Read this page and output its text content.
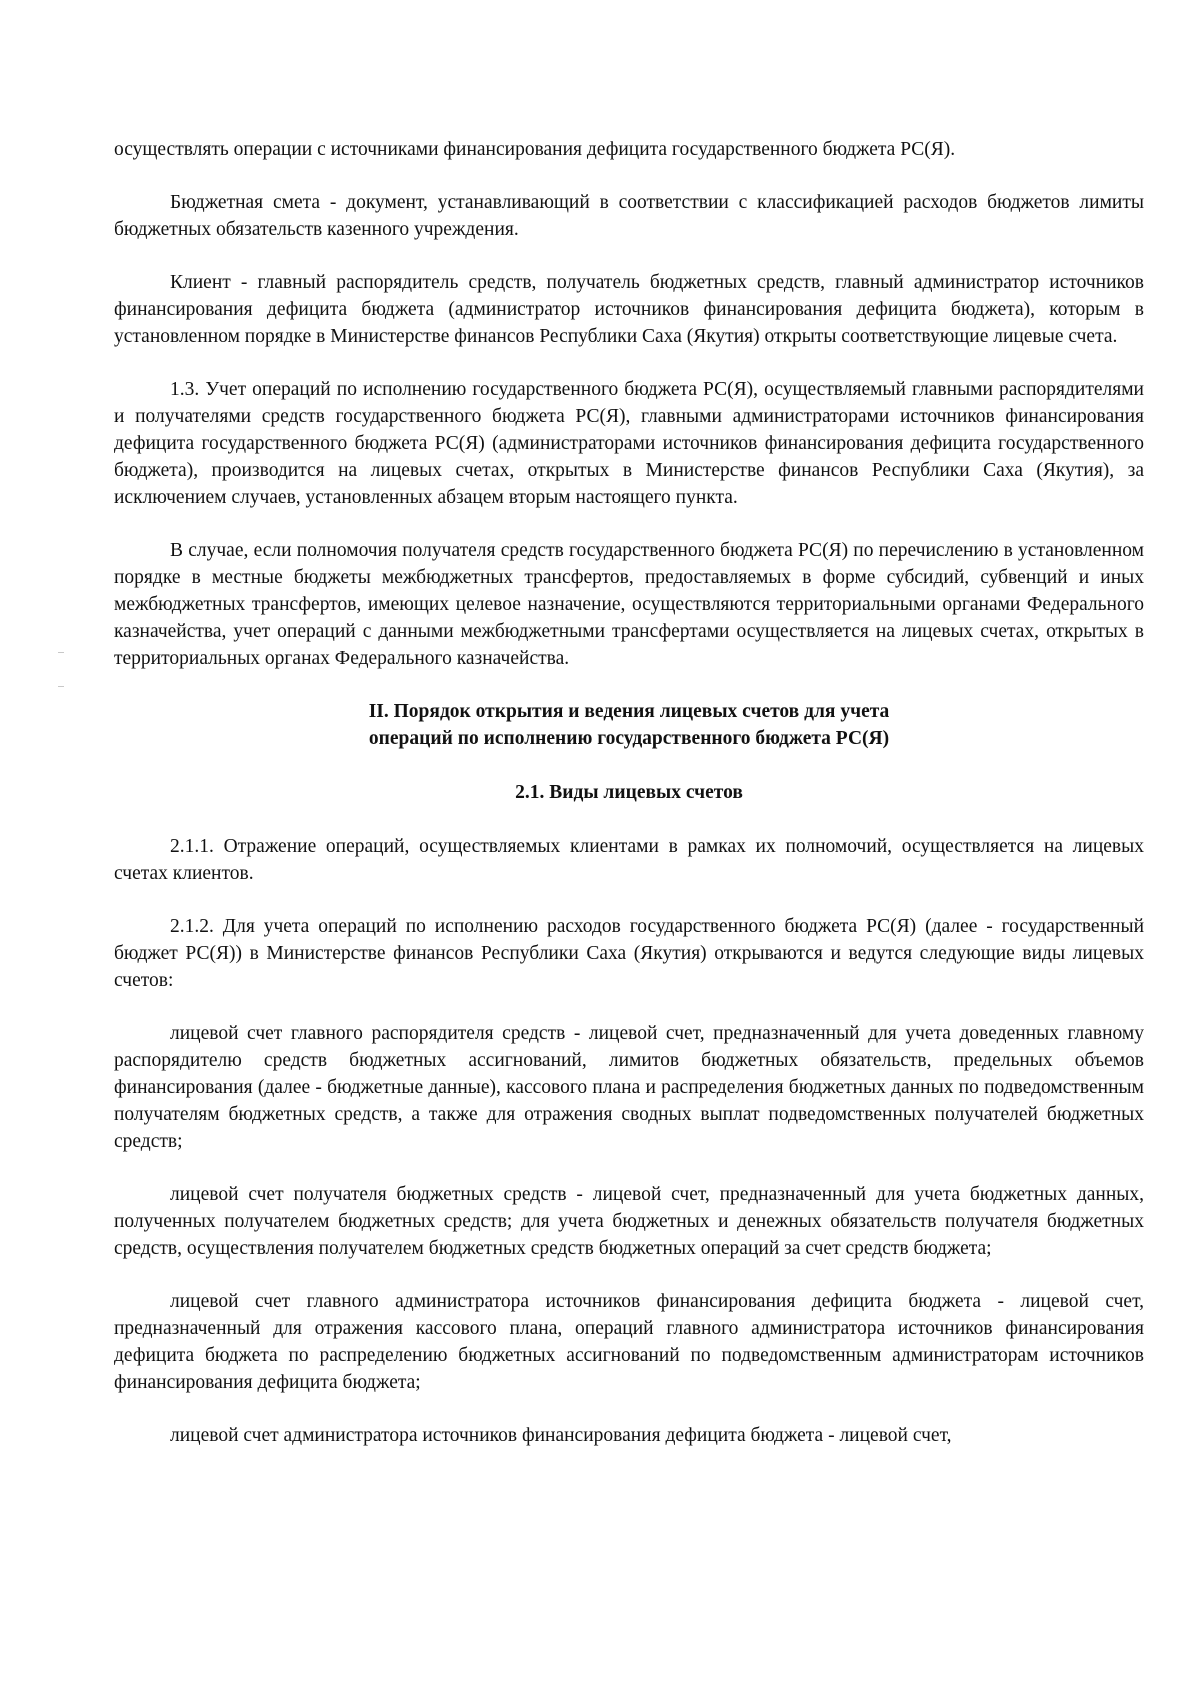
осуществлять операции с источниками финансирования дефицита государственного бюджета РС(Я).

Бюджетная смета - документ, устанавливающий в соответствии с классификацией расходов бюджетов лимиты бюджетных обязательств казенного учреждения.

Клиент - главный распорядитель средств, получатель бюджетных средств, главный администратор источников финансирования дефицита бюджета (администратор источников финансирования дефицита бюджета), которым в установленном порядке в Министерстве финансов Республики Саха (Якутия) открыты соответствующие лицевые счета.

1.3. Учет операций по исполнению государственного бюджета РС(Я), осуществляемый главными распорядителями и получателями средств государственного бюджета РС(Я), главными администраторами источников финансирования дефицита государственного бюджета РС(Я) (администраторами источников финансирования дефицита государственного бюджета), производится на лицевых счетах, открытых в Министерстве финансов Республики Саха (Якутия), за исключением случаев, установленных абзацем вторым настоящего пункта.

В случае, если полномочия получателя средств государственного бюджета РС(Я) по перечислению в установленном порядке в местные бюджеты межбюджетных трансфертов, предоставляемых в форме субсидий, субвенций и иных межбюджетных трансфертов, имеющих целевое назначение, осуществляются территориальными органами Федерального казначейства, учет операций с данными межбюджетными трансфертами осуществляется на лицевых счетах, открытых в территориальных органах Федерального казначейства.

II. Порядок открытия и ведения лицевых счетов для учета
операций по исполнению государственного бюджета РС(Я)
2.1. Виды лицевых счетов

2.1.1. Отражение операций, осуществляемых клиентами в рамках их полномочий, осуществляется на лицевых счетах клиентов.

2.1.2. Для учета операций по исполнению расходов государственного бюджета РС(Я) (далее - государственный бюджет РС(Я)) в Министерстве финансов Республики Саха (Якутия) открываются и ведутся следующие виды лицевых счетов:

лицевой счет главного распорядителя средств - лицевой счет, предназначенный для учета доведенных главному распорядителю средств бюджетных ассигнований, лимитов бюджетных обязательств, предельных объемов финансирования (далее - бюджетные данные), кассового плана и распределения бюджетных данных по подведомственным получателям бюджетных средств, а также для отражения сводных выплат подведомственных получателей бюджетных средств;

лицевой счет получателя бюджетных средств - лицевой счет, предназначенный для учета бюджетных данных, полученных получателем бюджетных средств; для учета бюджетных и денежных обязательств получателя бюджетных средств, осуществления получателем бюджетных средств бюджетных операций за счет средств бюджета;

лицевой счет главного администратора источников финансирования дефицита бюджета - лицевой счет, предназначенный для отражения кассового плана, операций главного администратора источников финансирования дефицита бюджета по распределению бюджетных ассигнований по подведомственным администраторам источников финансирования дефицита бюджета;

лицевой счет администратора источников финансирования дефицита бюджета - лицевой счет,
